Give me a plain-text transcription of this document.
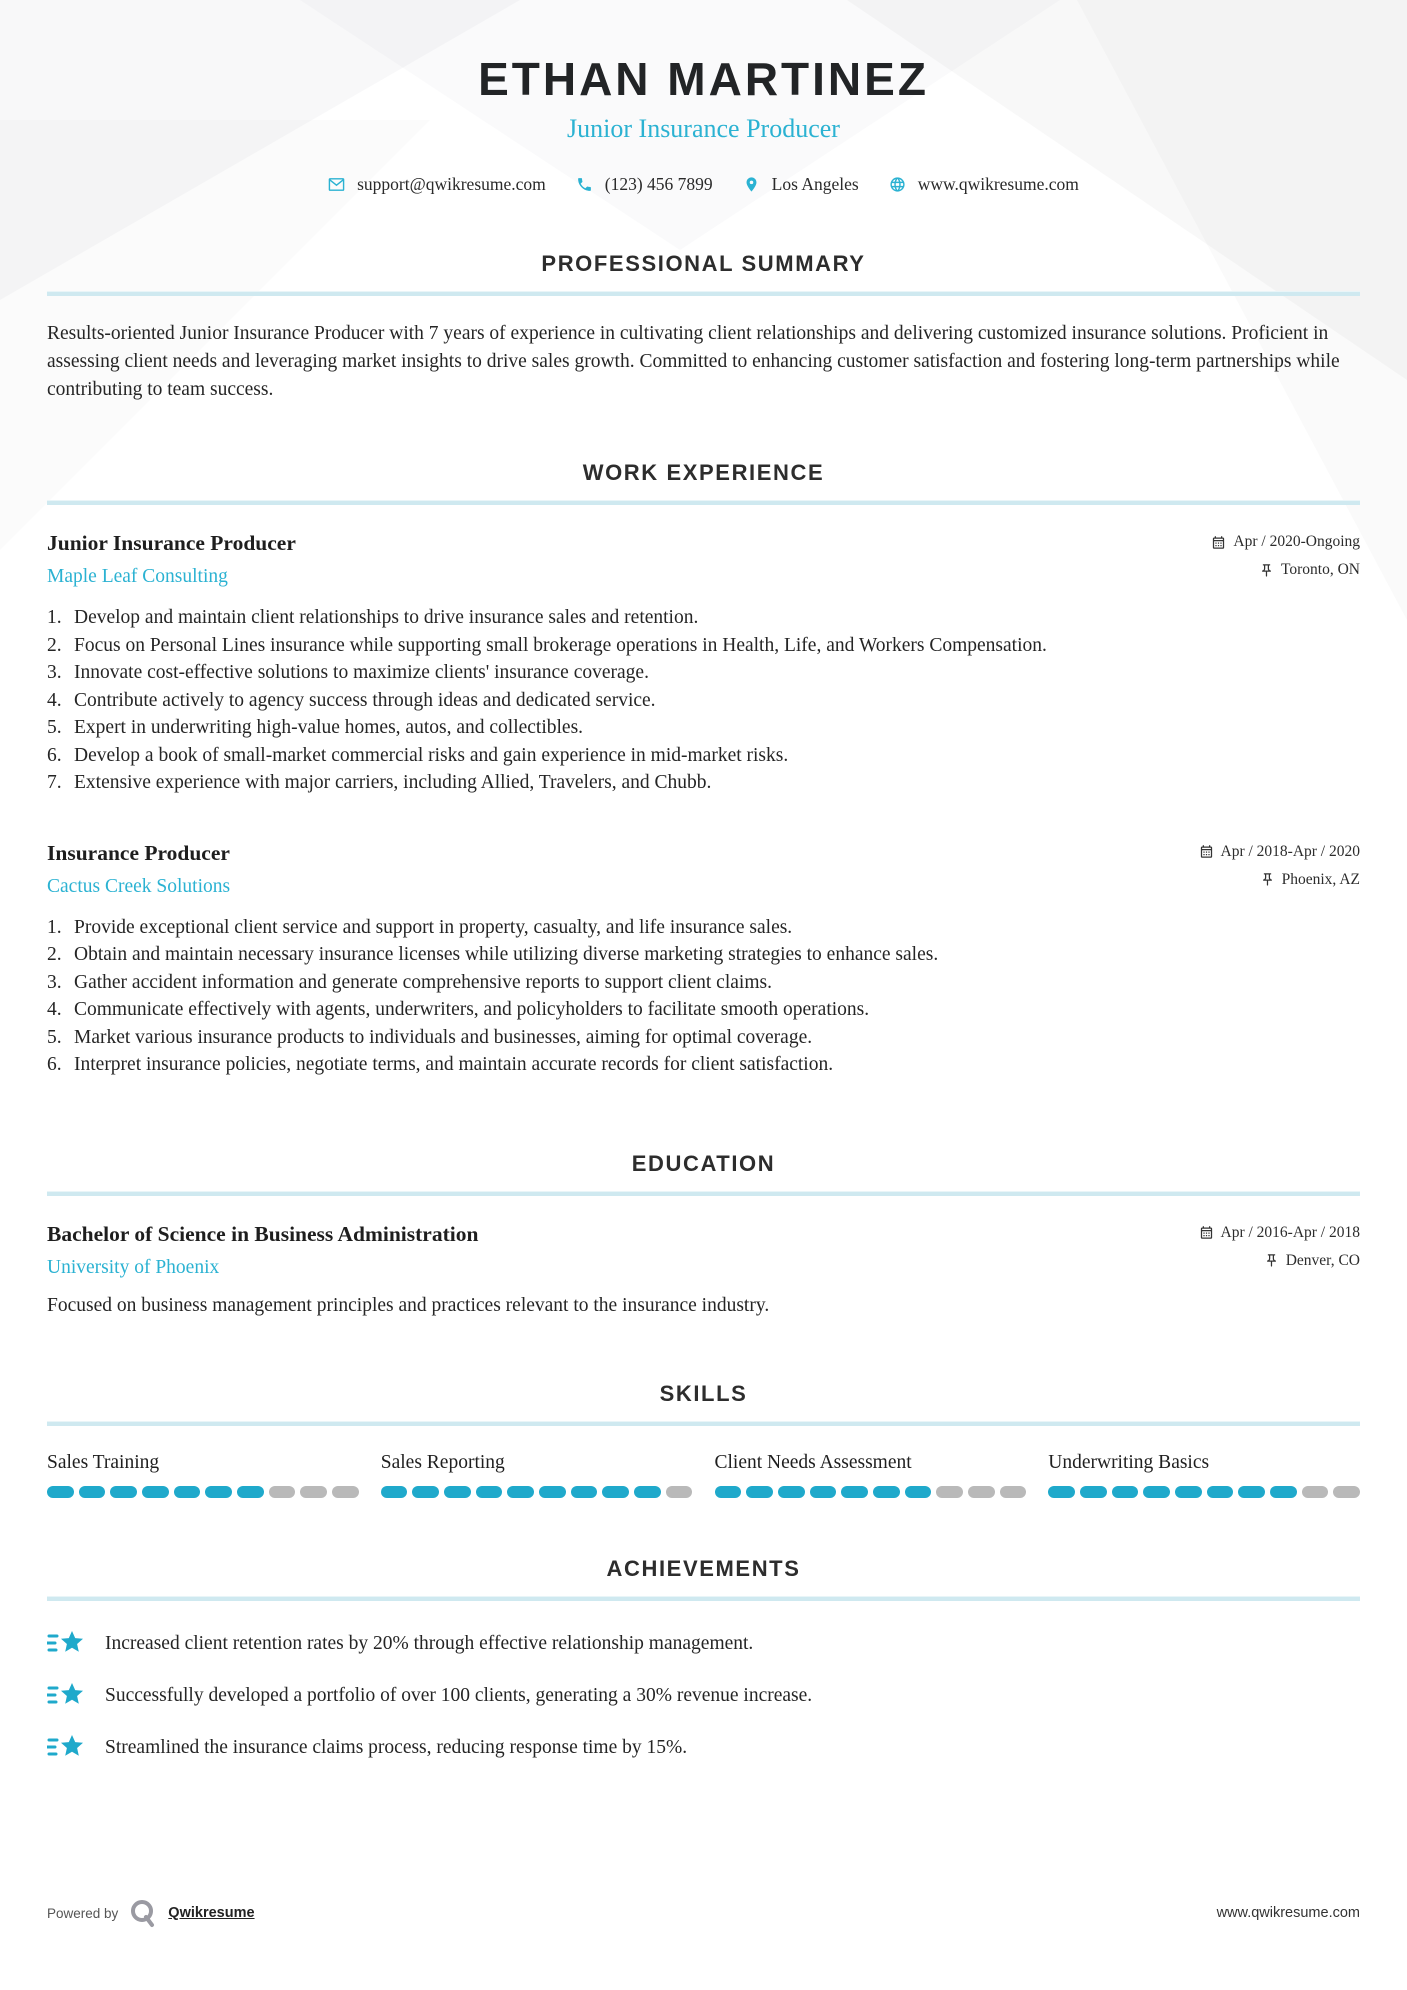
ETHAN MARTINEZ
Junior Insurance Producer
support@qwikresume.com	(123) 456 7899	Los Angeles	www.qwikresume.com
PROFESSIONAL SUMMARY

Results-oriented Junior Insurance Producer with 7 years of experience in cultivating client relationships and delivering customized insurance solutions. Proficient in assessing client needs and leveraging market insights to drive sales growth. Committed to enhancing customer satisfaction and fostering long-term partnerships while contributing to team success.

WORK EXPERIENCE
Junior Insurance Producer
Maple Leaf Consulting
Apr / 2020-Ongoing
Toronto, ON
Develop and maintain client relationships to drive insurance sales and retention.
Focus on Personal Lines insurance while supporting small brokerage operations in Health, Life, and Workers Compensation.
Innovate cost-effective solutions to maximize clients' insurance coverage.
Contribute actively to agency success through ideas and dedicated service.
Expert in underwriting high-value homes, autos, and collectibles.
Develop a book of small-market commercial risks and gain experience in mid-market risks.
Extensive experience with major carriers, including Allied, Travelers, and Chubb.
Insurance Producer
Cactus Creek Solutions
Apr / 2018-Apr / 2020
Phoenix, AZ
Provide exceptional client service and support in property, casualty, and life insurance sales.
Obtain and maintain necessary insurance licenses while utilizing diverse marketing strategies to enhance sales.
Gather accident information and generate comprehensive reports to support client claims.
Communicate effectively with agents, underwriters, and policyholders to facilitate smooth operations.
Market various insurance products to individuals and businesses, aiming for optimal coverage.
Interpret insurance policies, negotiate terms, and maintain accurate records for client satisfaction.
EDUCATION
Bachelor of Science in Business Administration
University of Phoenix
Apr / 2016-Apr / 2018
Denver, CO

Focused on business management principles and practices relevant to the insurance industry.

SKILLS
Sales Training	Sales Reporting	Client Needs Assessment	Underwriting Basics
ACHIEVEMENTS
Increased client retention rates by 20% through effective relationship management.
Successfully developed a portfolio of over 100 clients, generating a 30% revenue increase.
Streamlined the insurance claims process, reducing response time by 15%.
Powered by	Qwikresume	www.qwikresume.com
